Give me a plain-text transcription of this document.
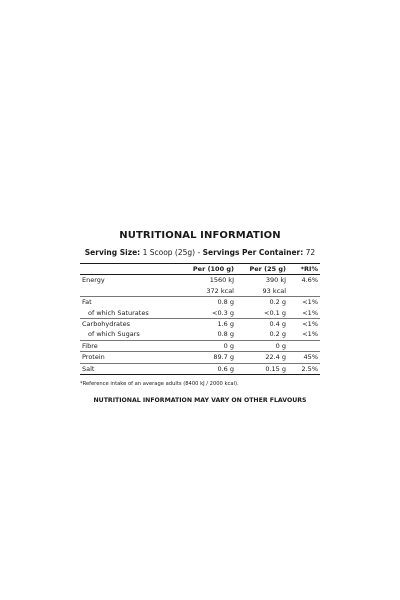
NUTRITIONAL INFORMATION
Serving Size: 1 Scoop (25g) - Servings Per Container: 72
	Per (100 g)	Per (25 g)	*RI%
Energy	1560 kJ	390 kJ	4.6%
	372 kcal	93 kcal	
Fat	0.8 g	0.2 g	<1%
of which Saturates	<0.3 g	<0.1 g	<1%
Carbohydrates	1.6 g	0.4 g	<1%
of which Sugars	0.8 g	0.2 g	<1%
Fibre	0 g	0 g	
Protein	89.7 g	22.4 g	45%
Salt	0.6 g	0.15 g	2.5%
*Reference intake of an average adults (8400 kJ / 2000 kcal).
NUTRITIONAL INFORMATION MAY VARY ON OTHER FLAVOURS
